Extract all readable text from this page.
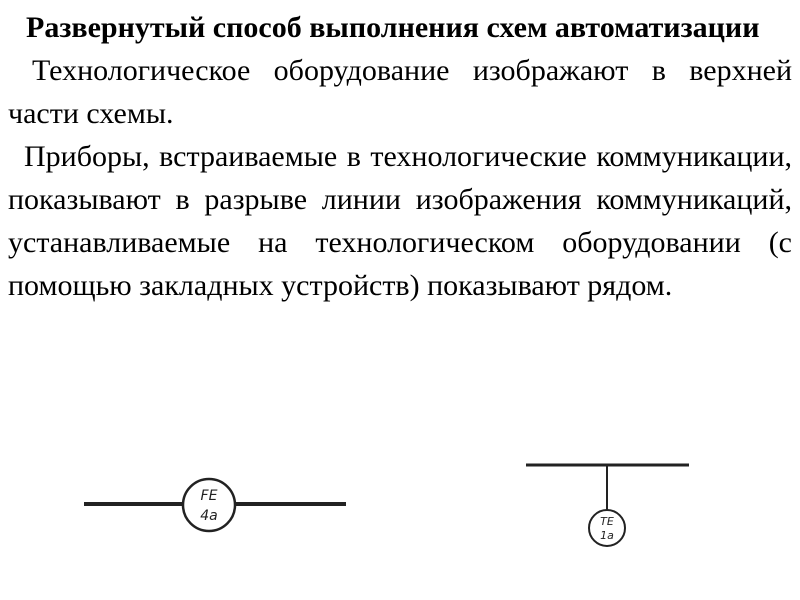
Развернутый способ выполнения схем автоматизации

Технологическое оборудование изображают в верхней части схемы.

Приборы, встраиваемые в технологические коммуникации, показывают в разрыве линии изображения коммуникаций, устанавливаемые на технологическом оборудовании (с помощью закладных устройств) показывают рядом.

FE
4a	TE
1a
